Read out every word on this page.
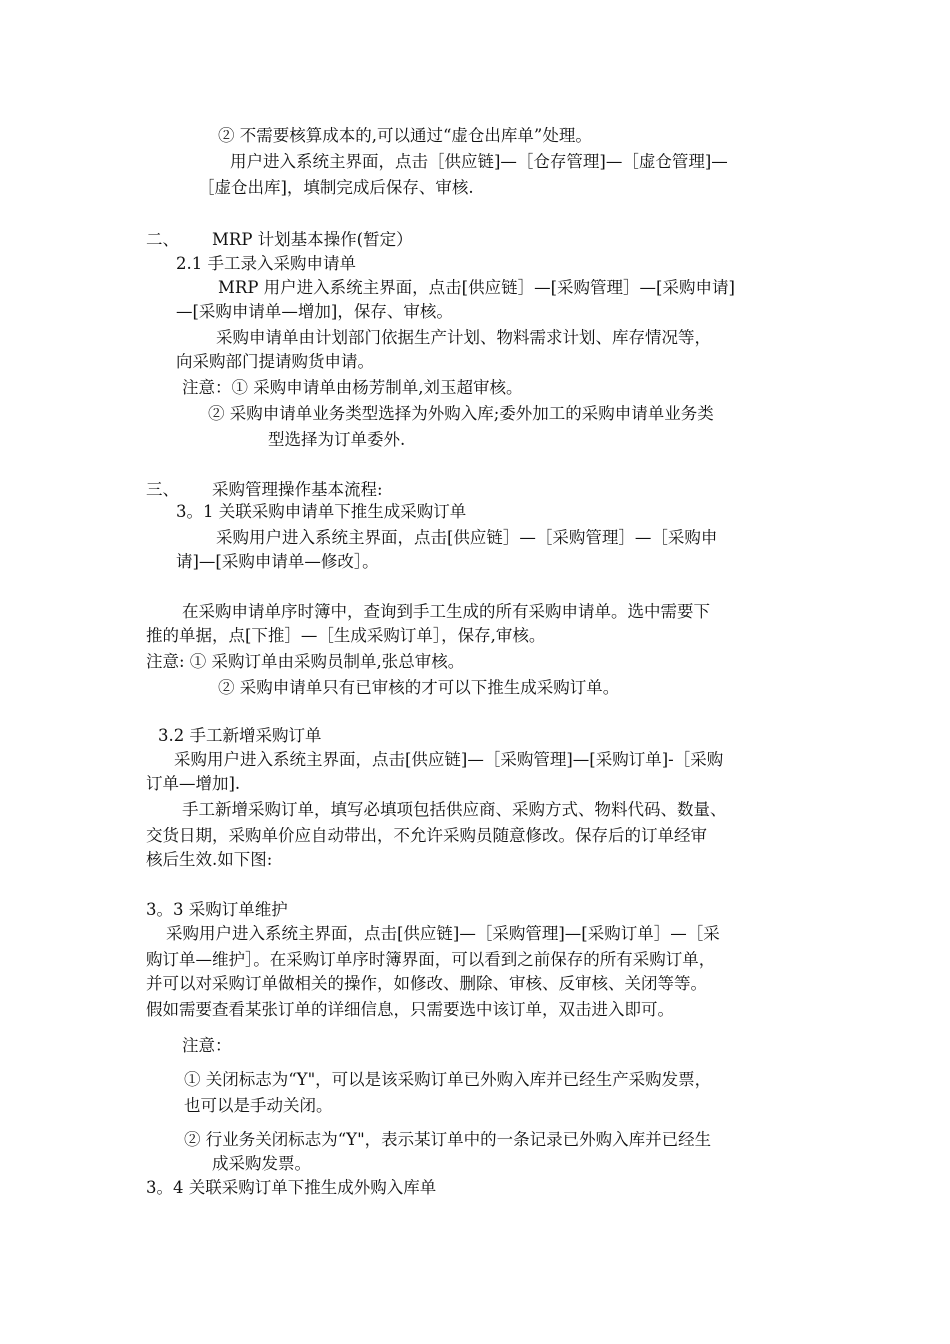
② 不需要核算成本的,可以通过“虚仓出库单”处理。
用户进入系统主界面，点击［供应链]—［仓存管理]—［虚仓管理]—
［虚仓出库]，填制完成后保存、审核.
二、 MRP 计划基本操作(暂定）
2.1 手工录入采购申请单
MRP 用户进入系统主界面，点击[供应链］—[采购管理］—[采购申请]
—[采购申请单—增加]，保存、审核。
采购申请单由计划部门依据生产计划、物料需求计划、库存情况等，
向采购部门提请购货申请。
注意：① 采购申请单由杨芳制单,刘玉超审核。
② 采购申请单业务类型选择为外购入库;委外加工的采购申请单业务类
型选择为订单委外.
三、 采购管理操作基本流程:
3。1 关联采购申请单下推生成采购订单
采购用户进入系统主界面，点击[供应链］—［采购管理］—［采购申
请]—[采购申请单—修改］。
在采购申请单序时簿中，查询到手工生成的所有采购申请单。选中需要下
推的单据，点[下推］—［生成采购订单］，保存,审核。
注意: ① 采购订单由采购员制单,张总审核。
② 采购申请单只有已审核的才可以下推生成采购订单。
3.2 手工新增采购订单
采购用户进入系统主界面，点击[供应链]—［采购管理]—[采购订单]-［采购
订单—增加].
手工新增采购订单，填写必填项包括供应商、采购方式、物料代码、数量、
交货日期，采购单价应自动带出，不允许采购员随意修改。保存后的订单经审
核后生效.如下图:
3。3 采购订单维护
采购用户进入系统主界面，点击[供应链]—［采购管理]—[采购订单］—［采
购订单—维护］。在采购订单序时簿界面，可以看到之前保存的所有采购订单，
并可以对采购订单做相关的操作，如修改、删除、审核、反审核、关闭等等。
假如需要查看某张订单的详细信息，只需要选中该订单，双击进入即可。
注意：
① 关闭标志为“Y"，可以是该采购订单已外购入库并已经生产采购发票，
也可以是手动关闭。
② 行业务关闭标志为“Y"，表示某订单中的一条记录已外购入库并已经生
成采购发票。
3。4 关联采购订单下推生成外购入库单
